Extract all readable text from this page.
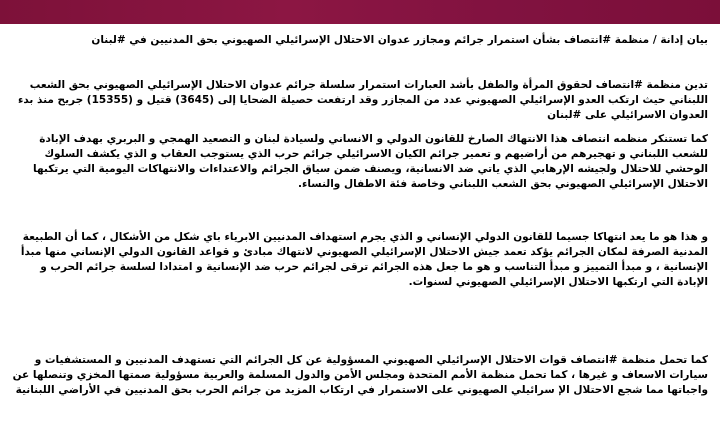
بيان إدانة / منظمة #انتصاف بشأن استمرار جرائم ومجازر عدوان الاحتلال الإسرائيلي الصهيوني بحق المدنيين في #لبنان

تدين منظمة #انتصاف لحقوق المرأة والطفل بأشد العبارات استمرار سلسلة جرائم عدوان الاحتلال الإسرائيلي الصهيوني بحق الشعب اللبناني حيث ارتكب العدو الإسرائيلي الصهيوني عدد من المجازر وقد ارتفعت حصيلة الضحايا إلى (3645) قتيل و (15355) جريح منذ بدء العدوان الاسرائيلي على #لبنان

كما تستنكر منظمه انتصاف هذا الانتهاك الصارخ للقانون الدولي و الانساني ولسيادة لبنان و التصعيد الهمجي و البربري بهدف الإبادة للشعب اللبناني و تهجيرهم من أراضيهم و تعمير جرائم الكيان الاسرائيلي جرائم حرب الذي يستوجب العقاب و الذي يكشف السلوك الوحشي للاحتلال ولجيشه الإرهابي الذي ياتي ضد الانسانية، ويصنف ضمن سياق الجرائم والاعتداءات والانتهاكات اليومية التي يرتكبها الاحتلال الإسرائيلي الصهيوني بحق الشعب اللبناني وخاصة فئة الاطفال والنساء.

و هذا هو ما يعد انتهاكا جسيما للقانون الدولي الإنساني و الذي يجرم استهداف المدنيين الابرياء باي شكل من الأشكال ، كما أن الطبيعة المدنية الصرفة لمكان الجرائم يؤكد تعمد جيش الاحتلال الإسرائيلي الصهيوني لانتهاك مبادئ و قواعد القانون الدولي الإنساني منها مبدأ الإنسانية ، و مبدأ التمييز و مبدأ التناسب و هو ما جعل هذه الجرائم ترقى لجرائم حرب ضد الإنسانية و امتدادا لسلسة جرائم الحرب و الإبادة التي ارتكبها الاحتلال الإسرائيلي الصهيوني لسنوات.

كما تحمل منظمة #انتصاف قوات الاحتلال الإسرائيلي الصهيوني المسؤولية عن كل الجرائم التي تستهدف المدنيين و المستشفيات و سيارات الاسعاف و غيرها ، كما تحمل منظمة الأمم المتحدة ومجلس الأمن والدول المسلمة والعربية مسؤولية صمتها المخزي وتنصلها عن واجباتها مما شجع الاحتلال الإ سرائيلي الصهيوني على الاستمرار في ارتكاب المزيد من جرائم الحرب بحق المدنيين في الأراضي اللبنانية
